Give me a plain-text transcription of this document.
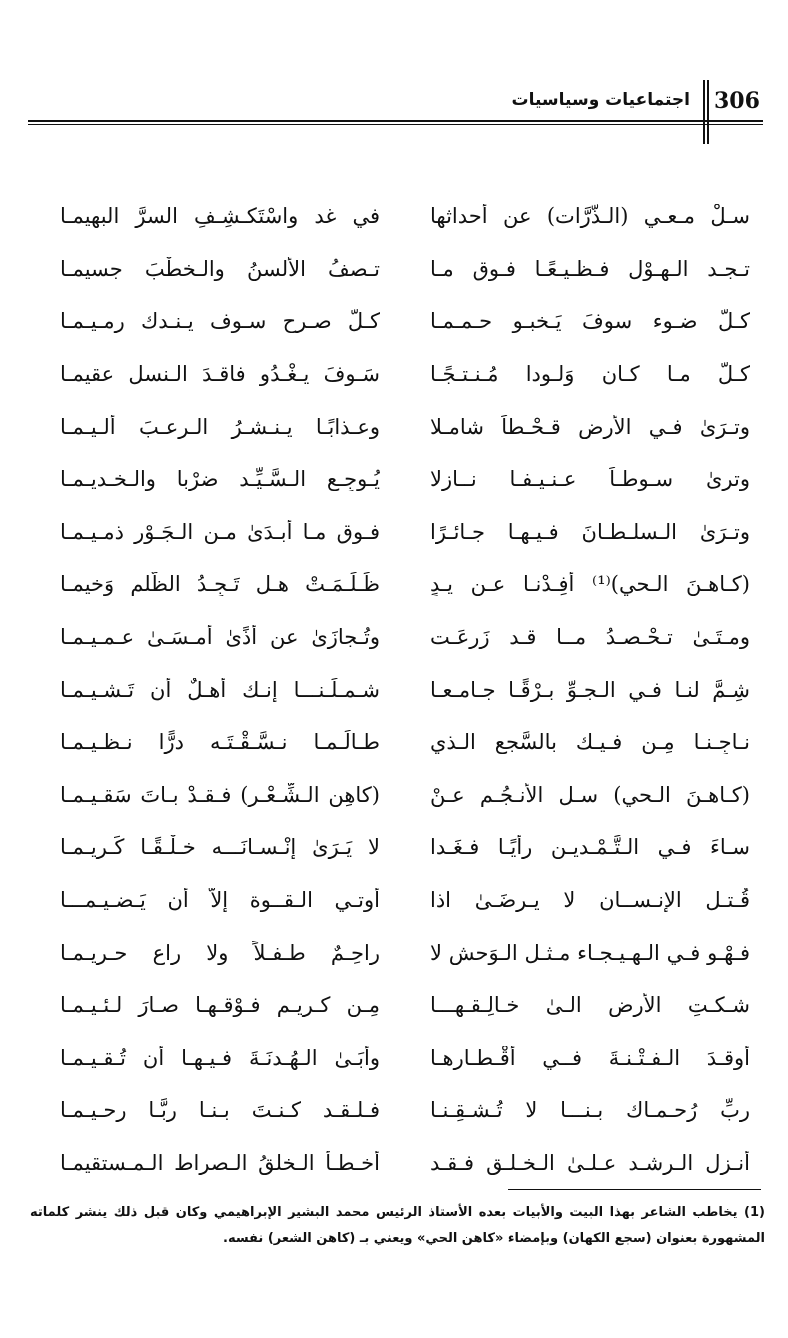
306
اجتماعيات وسياسيات
سـلْ مـعـي (الـذَّرَّات) عن أحداثها
في غد واسْتَكـشِـفِ السرَّ البهيمـا
تـجـد الـهـوْل فـظـيـعًـا فـوق مـا
تـصفُ الألسنُ والـخطْبَ جسيمـا
كـلُّ ضـوء سوفَ يَـخبـو حـمـمـا
كـلُّ صـرح سـوف يـنـدك رمـيـمـا
كـلُّ مـا كـان وَلـودا مُـنـتـجًـا
سَـوفَ يـغْـدُو فاقـدَ الـنسل عقيمـا
وتـرَىٰ فـي الأرض قـحْـطاً شامـلا
وعـذابًـا يـنـشـرُ الـرعـبَ ألـيـمـا
وترىٰ سـوطـاً عـنـيـفـا نــازلا
يُـوجِـع الـسَّـيِّـد ضرْبا والـخـديـمـا
وتـرَىٰ الـسلـطـانَ فـيـهـا جـائـرًا
فـوق مـا أبـدَىٰ مـن الـجَـوْر ذمـيـمـا
(كـاهـنَ الـحي)⁽¹⁾ أفِـدْنـا عـن يـدٍ
ظَـلَـمَـتْ هـل تَـجِـدُ الظُّلم وَخيمـا
ومـتَـىٰ تـحْـصـدُ مــا قـد زَرعَـت
وتُـجازَىٰ عن أذًىٰ أمـسَـىٰ عـمـيـمـا
شِـمَّ لنـا فـي الـجـوِّ بـرْقًـا جـامـعـا
شـمـلَـنـــا إنـك أهـلٌ أن تَـشـيـمـا
نـاجِـنـا مِـن فـيـك بالسَّجع الـذي
طـالَـمـا نـسَّـقْـتَـه درًّا نـظـيـمـا
(كـاهـنَ الـحي) سـلِ الأنـجُـم عـنْ
(كاهِنِ الـشِّـعْـر) فـقـدْ بـاتَ سَقـيـمـا
سـاءَ فـي الـتَّـمْـديـن رأيًـا فـغَـدا
لا يَـرَىٰ إنْـسـانَـــه خـلْـقًـا كَـريـمـا
قُـتـل الإنـســان لا يـرضَـىٰ اذا
أوتـي الـقــوة إلاَّ أن يَـضـيـمـــا
فـهْـو فـي الـهـيـجـاء مـثـل الـوَحش لا
راحِـمٌ طـفـلاً ولا راع حـريـمـا
شـكـتِ الأرض الـىٰ خـالِـقـهـــا
مِـن كـريـم فـوْقـهـا صـارَ لـئـيـمـا
أوقـدَ الـفـتْـنـةَ فــي أقْـطـارهـا
وأبَـىٰ الـهُـدنَـةَ فـيـهـا أن تُـقـيـمـا
ربِّ رُحـمـاك بـنـــا لا تُـشـقِـنـا
فـلـقـد كـنـتَ بـنـا ربًّـا رحـيـمـا
أنـزِل الـرشـد عـلـىٰ الـخـلـق فـقـد
أخـطـأ الـخلقُ الـصراط الـمـستقيمـا
(1) يخاطب الشاعر بهذا البيت والأبيات بعده الأستاذ الرئيس محمد البشير الإبراهيمي وكان قبل ذلك ينشر كلماته المشهورة بعنوان (سجع الكهان) وبإمضاء «كاهن الحي» ويعني بـ (كاهن الشعر) نفسه.
